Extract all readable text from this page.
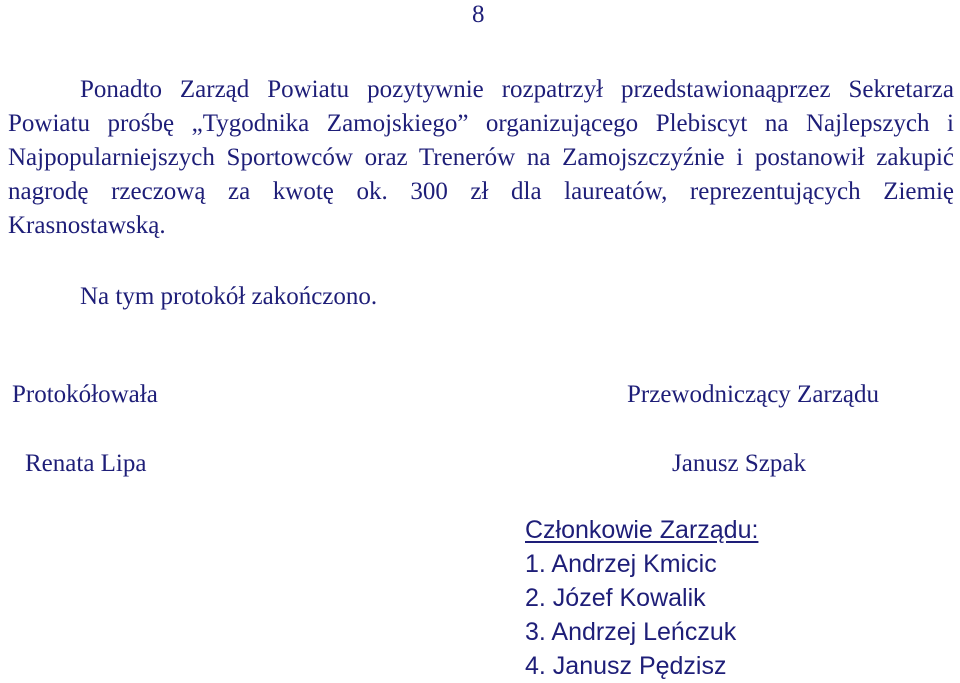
8

Ponadto Zarząd Powiatu pozytywnie rozpatrzył przedstawionaąprzez Sekretarza Powiatu prośbę „Tygodnika Zamojskiego” organizującego Plebiscyt na Najlepszych i Najpopularniejszych Sportowców oraz Trenerów na Zamojszczyźnie i postanowił zakupić nagrodę rzeczową za kwotę ok. 300 zł dla laureatów, reprezentujących Ziemię Krasnostawską.

Na tym protokół zakończono.
Protokółowała	Przewodniczący Zarządu
Renata Lipa	Janusz Szpak
Członkowie Zarządu:
1. Andrzej Kmicic
2. Józef Kowalik
3. Andrzej Leńczuk
4. Janusz Pędzisz
